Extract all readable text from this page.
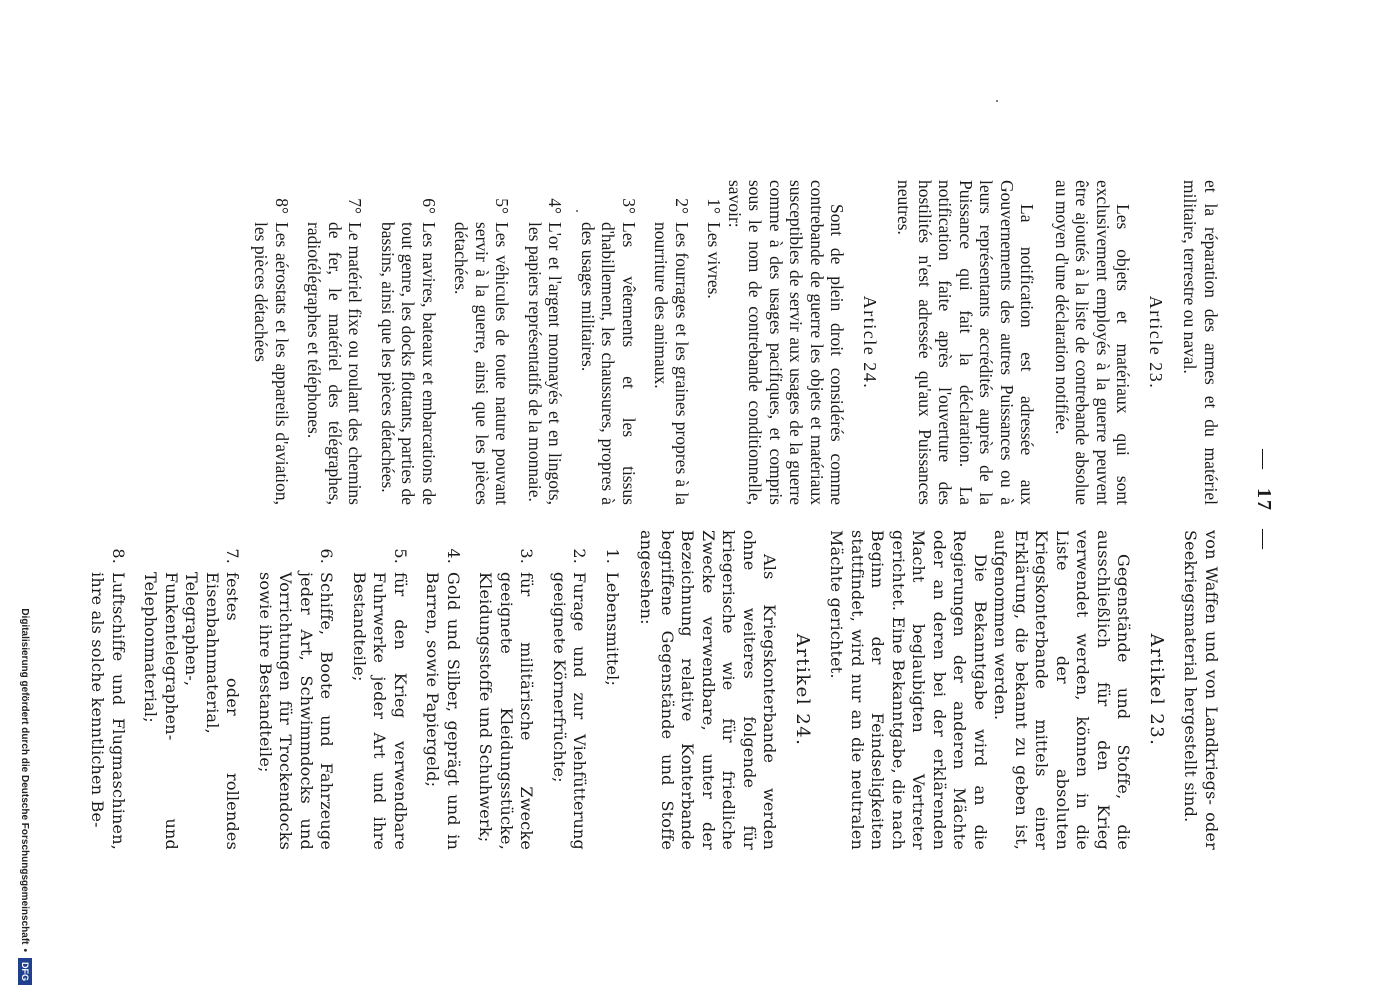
— 17 —

et la réparation des armes et du matériel militaire, terrestre ou naval.

Article 23.

Les objets et matériaux qui sont exclusivement employés à la guerre peuvent être ajoutés à la liste de contrebande absolue au moyen d'une déclaration notifiée.

La notification est adressée aux Gouvernements des autres Puissances ou à leurs représentants accrédités auprès de la Puissance qui fait la déclaration. La notification faite après l'ouverture des hostilités n'est adressée qu'aux Puissances neutres.

Article 24.

Sont de plein droit considérés comme contrebande de guerre les objets et matériaux susceptibles de servir aux usages de la guerre comme à des usages pacifiques, et compris sous le nom de contrebande conditionnelle, savoir:

1°
Les vivres.
2°
Les fourrages et les graines propres à la nourriture des animaux.
3°
Les vêtements et les tissus d'habillement, les chaussures, propres à des usages militaires.
4°
L'or et l'argent monnayés et en lingots, les papiers représentatifs de la monnaie.
5°
Les véhicules de toute nature pouvant servir à la guerre, ainsi que les pièces détachées.
6°
Les navires, bateaux et embarcations de tout genre, les docks flottants, parties de bassins, ainsi que les pièces détachées.
7°
Le matériel fixe ou roulant des chemins de fer, le matériel des télégraphes, radiotélégraphes et téléphones.
8°
Les aérostats et les appareils d'aviation, les pièces détachées

von Waffen und von Landkriegs- oder Seekriegsmaterial hergestellt sind.

Artikel 23.

Gegenstände und Stoffe, die ausschließlich für den Krieg verwendet werden, können in die Liste der absoluten Kriegskonterbande mittels einer Erklärung, die bekannt zu geben ist, aufgenommen werden.

Die Bekanntgabe wird an die Regierungen der anderen Mächte oder an deren bei der erklärenden Macht beglaubigten Vertreter gerichtet. Eine Bekanntgabe, die nach Beginn der Feindseligkeiten stattfindet, wird nur an die neutralen Mächte gerichtet.

Artikel 24.

Als Kriegskonterbande werden ohne weiteres folgende für kriegerische wie für friedliche Zwecke verwendbare, unter der Bezeichnung relative Konterbande begriffene Gegenstände und Stoffe angesehen:

1.
Lebensmittel;
2.
Furage und zur Viehfütterung geeignete Körnerfrüchte;
3.
für militärische Zwecke geeignete Kleidungsstücke, Kleidungsstoffe und Schuhwerk;
4.
Gold und Silber, geprägt und in Barren, sowie Papiergeld;
5.
für den Krieg verwendbare Fuhrwerke jeder Art und ihre Bestandteile;
6.
Schiffe, Boote und Fahrzeuge jeder Art, Schwimmdocks und Vorrichtungen für Trockendocks sowie ihre Bestandteile;
7.
festes oder rollendes Eisenbahnmaterial, Telegraphen-, Funkentelegraphen- und Telephonmaterial;
8.
Luftschiffe und Flugmaschinen, ihre als solche kenntlichen Be-
Digitalisierung gefördert durch die Deutsche Forschungsgemeinschaft
•
DFG
